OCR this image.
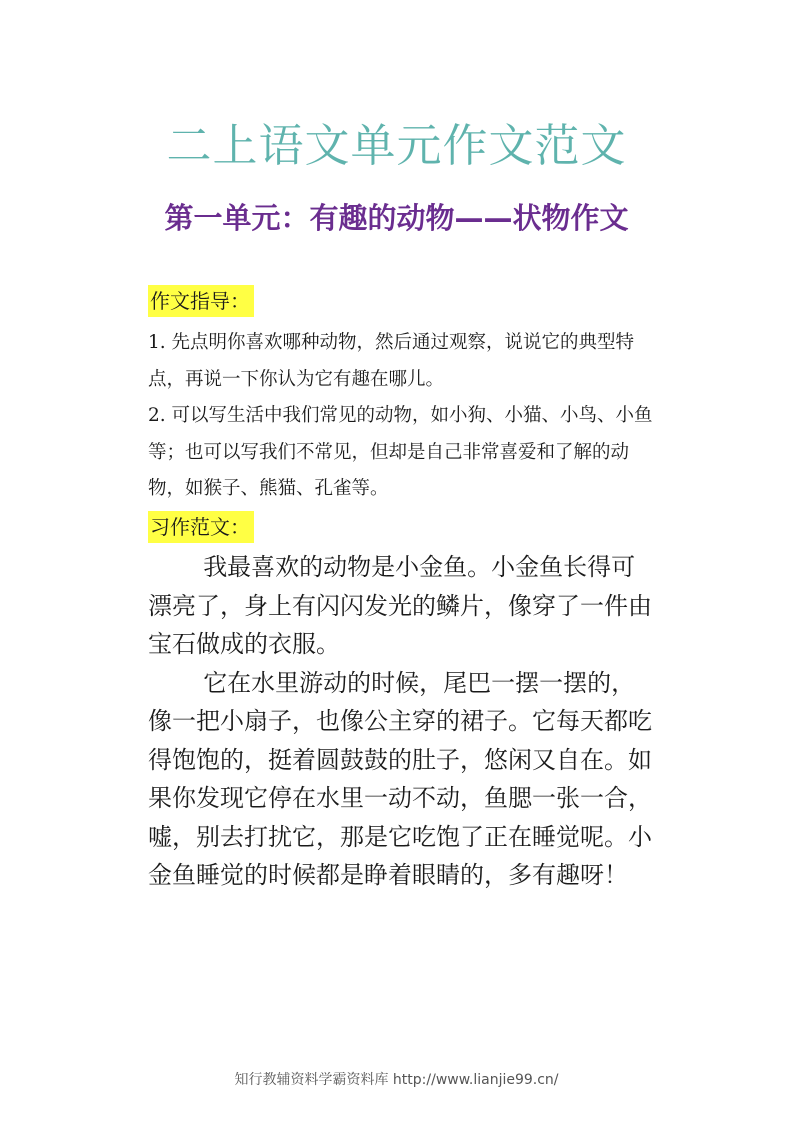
二上语文单元作文范文
第一单元：有趣的动物——状物作文
作文指导：

1. 先点明你喜欢哪种动物，然后通过观察，说说它的典型特点，再说一下你认为它有趣在哪儿。

2. 可以写生活中我们常见的动物，如小狗、小猫、小鸟、小鱼等；也可以写我们不常见，但却是自己非常喜爱和了解的动物，如猴子、熊猫、孔雀等。

习作范文：

我最喜欢的动物是小金鱼。小金鱼长得可漂亮了，身上有闪闪发光的鳞片，像穿了一件由宝石做成的衣服。

它在水里游动的时候，尾巴一摆一摆的，像一把小扇子，也像公主穿的裙子。它每天都吃得饱饱的，挺着圆鼓鼓的肚子，悠闲又自在。如果你发现它停在水里一动不动，鱼腮一张一合，嘘，别去打扰它，那是它吃饱了正在睡觉呢。小金鱼睡觉的时候都是睁着眼睛的，多有趣呀！

知行教辅资料学霸资料库 http://www.lianjie99.cn/
